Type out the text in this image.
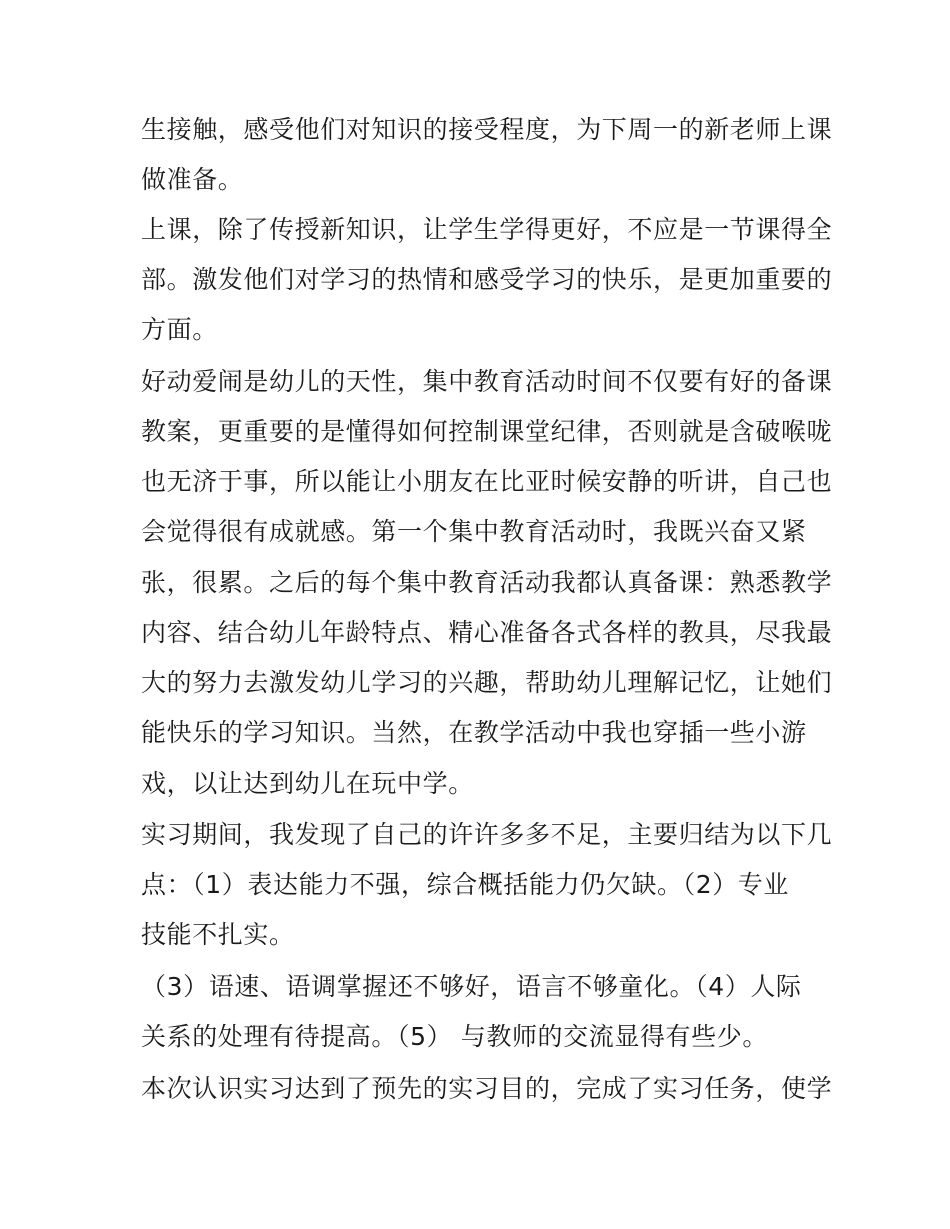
生接触，感受他们对知识的接受程度，为下周一的新老师上课
做准备。
上课，除了传授新知识，让学生学得更好，不应是一节课得全
部。激发他们对学习的热情和感受学习的快乐，是更加重要的
方面。
好动爱闹是幼儿的天性，集中教育活动时间不仅要有好的备课
教案，更重要的是懂得如何控制课堂纪律，否则就是含破喉咙
也无济于事，所以能让小朋友在比亚时候安静的听讲，自己也
会觉得很有成就感。第一个集中教育活动时，我既兴奋又紧
张，很累。之后的每个集中教育活动我都认真备课：熟悉教学
内容、结合幼儿年龄特点、精心准备各式各样的教具，尽我最
大的努力去激发幼儿学习的兴趣，帮助幼儿理解记忆，让她们
能快乐的学习知识。当然，在教学活动中我也穿插一些小游
戏，以让达到幼儿在玩中学。
实习期间，我发现了自己的许许多多不足，主要归结为以下几
点：（1）表达能力不强，综合概括能力仍欠缺。（2）专业
技能不扎实。
（3）语速、语调掌握还不够好，语言不够童化。（4）人际
关系的处理有待提高。（5） 与教师的交流显得有些少。
本次认识实习达到了预先的实习目的，完成了实习任务，使学
